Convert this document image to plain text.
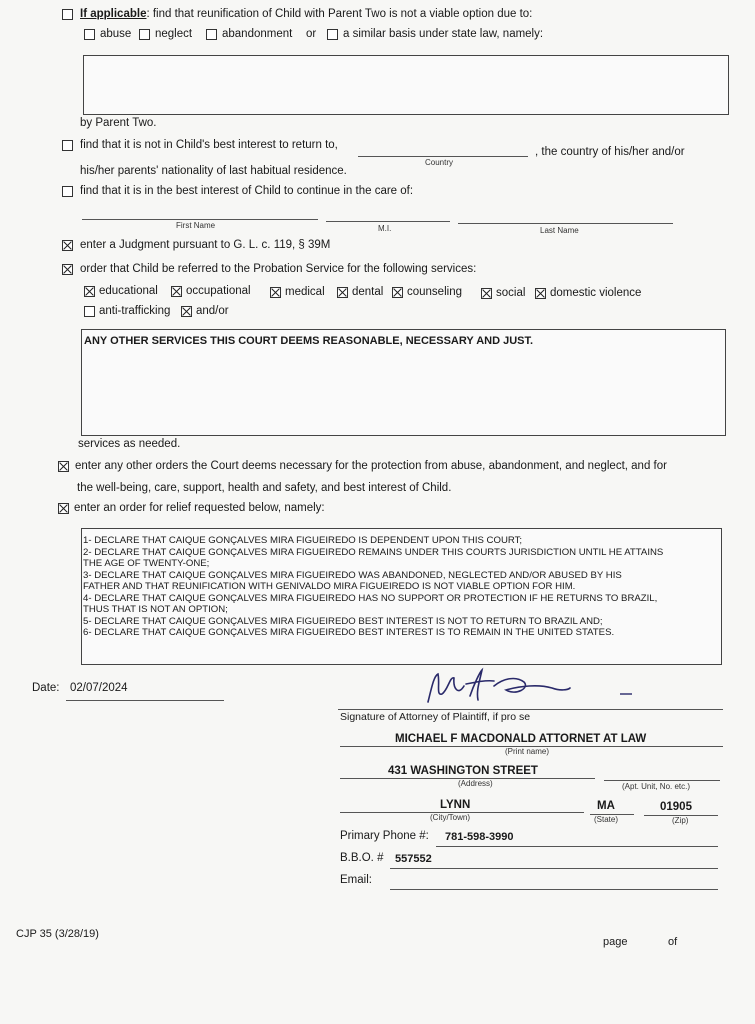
If applicable: find that reunification of Child with Parent Two is not a viable option due to:
abuse neglect	abandonment or a similar basis under state law, namely:
by Parent Two.
find that it is not in Child's best interest to return to,
Country
, the country of his/her and/or
his/her parents' nationality of last habitual residence.
find that it is in the best interest of Child to continue in the care of:
First Name	M.I.	Last Name
enter a Judgment pursuant to G. L. c. 119, § 39M
order that Child be referred to the Probation Service for the following services:
educational occupational	medical dental counseling	social domestic violence
anti-trafficking and/or
ANY OTHER SERVICES THIS COURT DEEMS REASONABLE, NECESSARY AND JUST.
services as needed.
enter any other orders the Court deems necessary for the protection from abuse, abandonment, and neglect, and for
the well-being, care, support, health and safety, and best interest of Child.
enter an order for relief requested below, namely:
1- DECLARE THAT CAIQUE GONÇALVES MIRA FIGUEIREDO IS DEPENDENT UPON THIS COURT;
2- DECLARE THAT CAIQUE GONÇALVES MIRA FIGUEIREDO REMAINS UNDER THIS COURTS JURISDICTION UNTIL HE ATTAINS
THE AGE OF TWENTY-ONE;
3- DECLARE THAT CAIQUE GONÇALVES MIRA FIGUEIREDO WAS ABANDONED, NEGLECTED AND/OR ABUSED BY HIS
FATHER AND THAT REUNIFICATION WITH GENIVALDO MIRA FIGUEIREDO IS NOT VIABLE OPTION FOR HIM.
4- DECLARE THAT CAIQUE GONÇALVES MIRA FIGUEIREDO HAS NO SUPPORT OR PROTECTION IF HE RETURNS TO BRAZIL,
THUS THAT IS NOT AN OPTION;
5- DECLARE THAT CAIQUE GONÇALVES MIRA FIGUEIREDO BEST INTEREST IS NOT TO RETURN TO BRAZIL AND;
6- DECLARE THAT CAIQUE GONÇALVES MIRA FIGUEIREDO BEST INTEREST IS TO REMAIN IN THE UNITED STATES.
Date: 02/07/2024
Signature of Attorney of Plaintiff, if pro se
MICHAEL F MACDONALD ATTORNET AT LAW
(Print name)
431 WASHINGTON STREET
(Address)	(Apt. Unit, No. etc.)
LYNN
(City/Town)
MA
(State)
01905
(Zip)
Primary Phone #: 781-598-3990
B.B.O. # 557552
Email:
CJP 35 (3/28/19)
page	of
